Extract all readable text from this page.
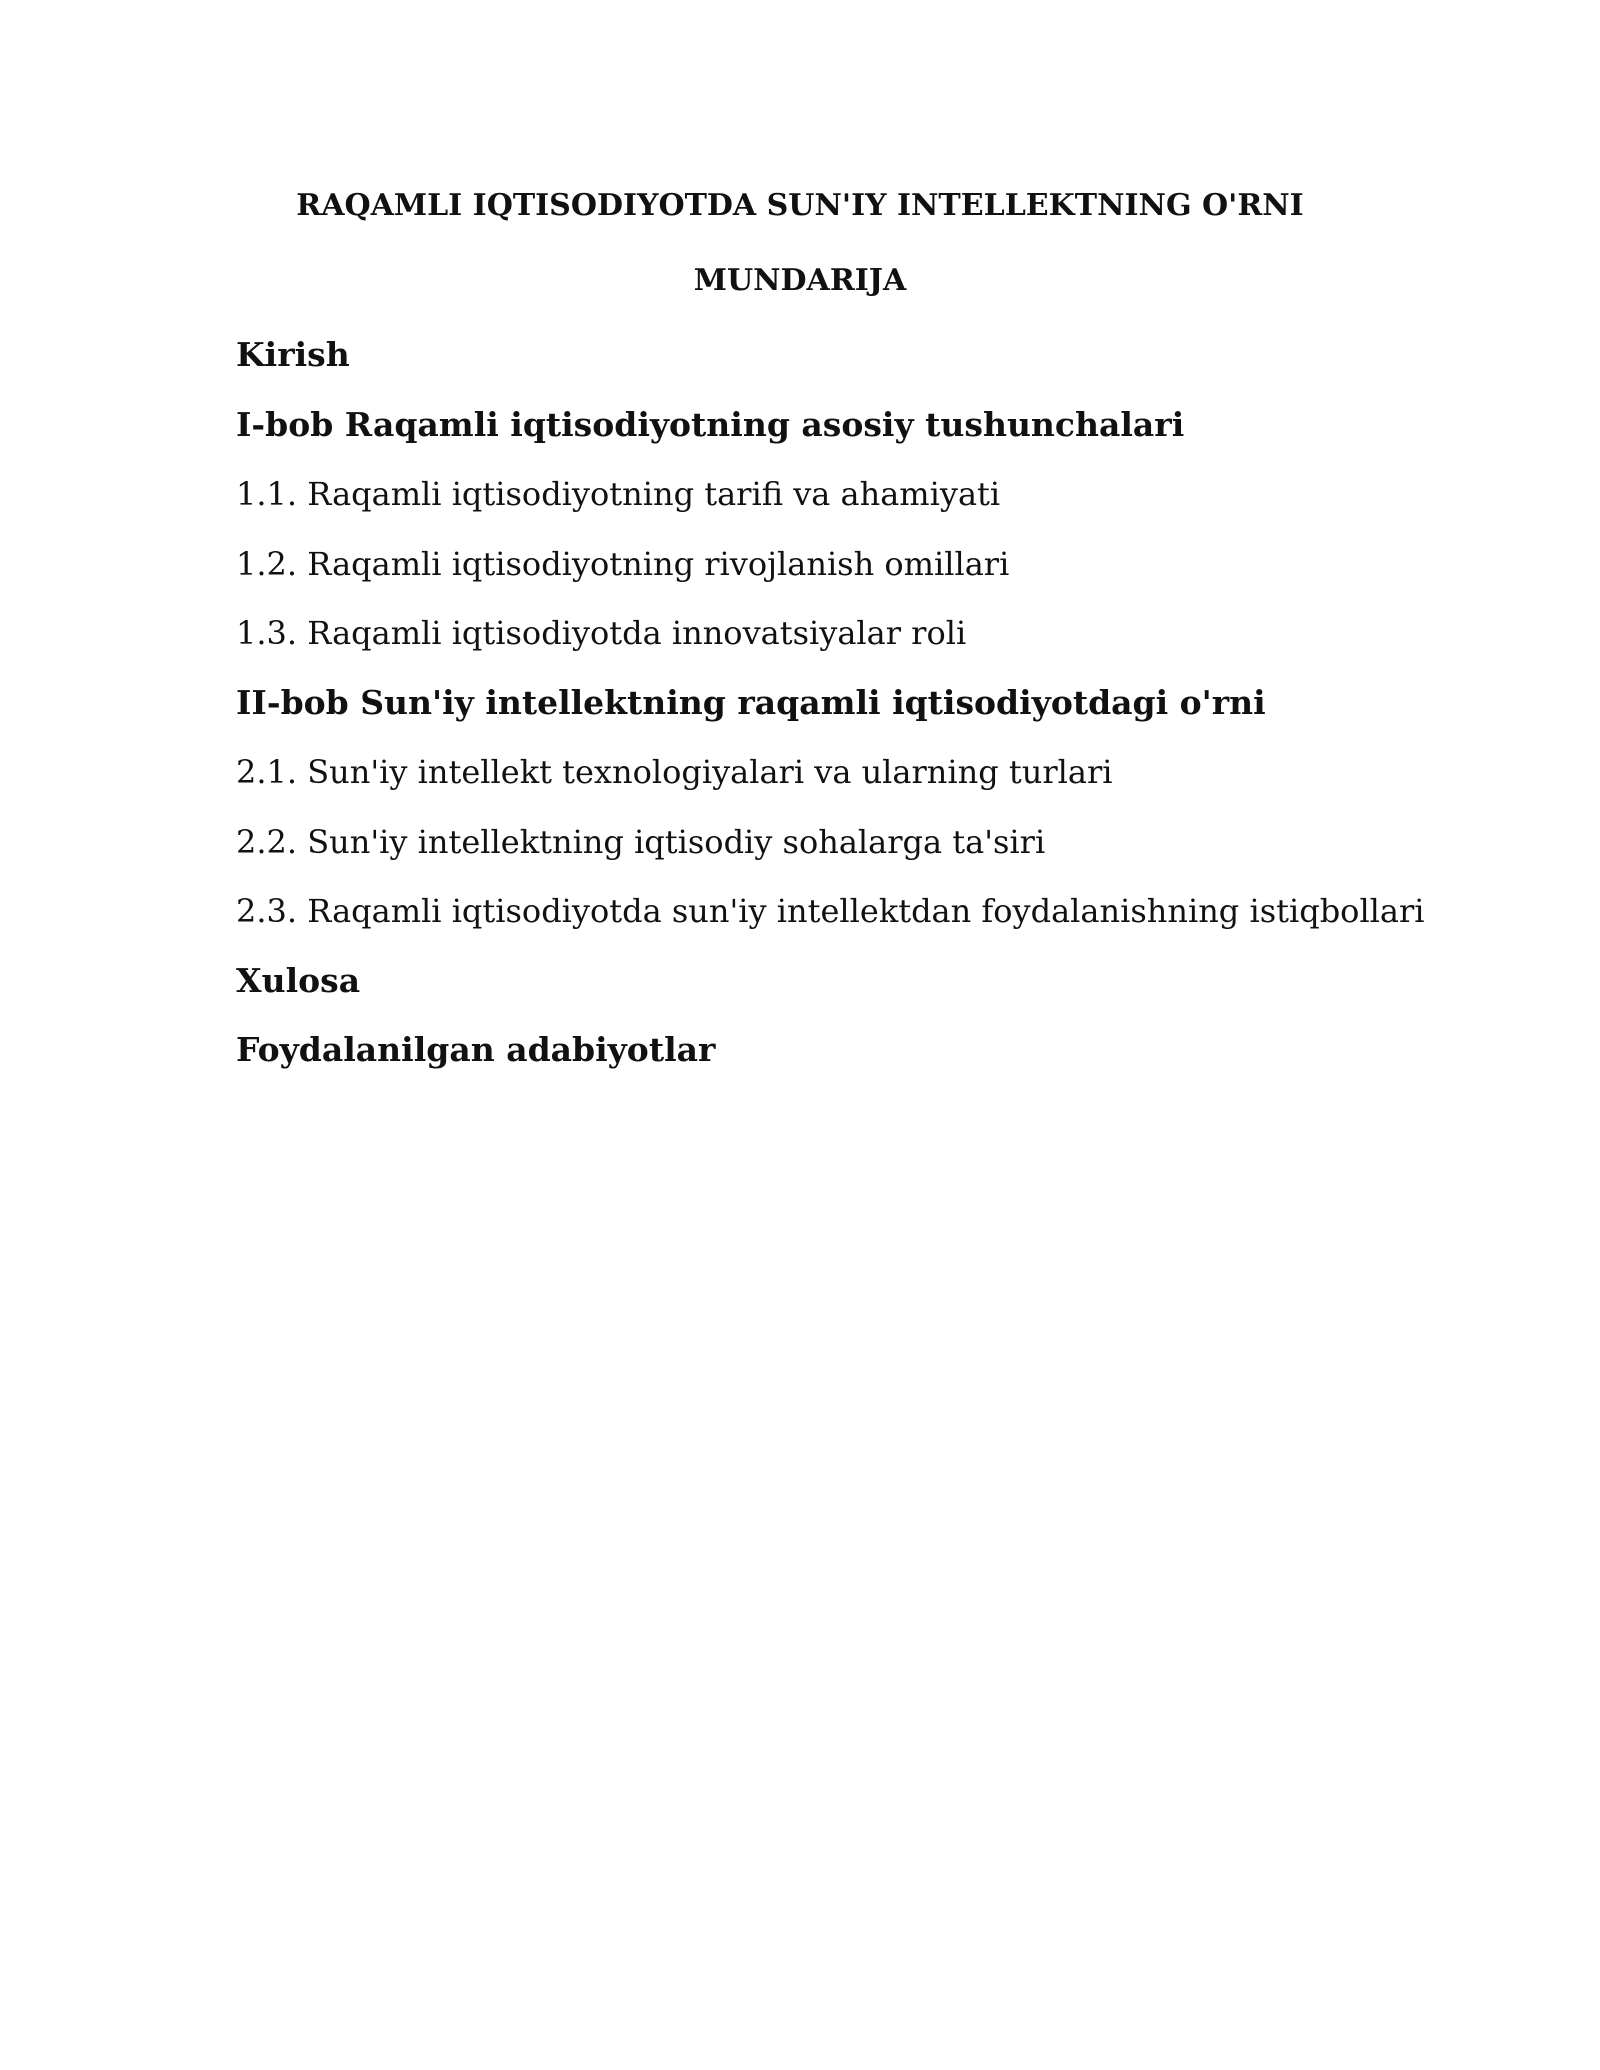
RAQAMLI IQTISODIYOTDA SUN'IY INTELLEKTNING O'RNI
MUNDARIJA
Kirish
I-bob Raqamli iqtisodiyotning asosiy tushunchalari
1.1. Raqamli iqtisodiyotning tarifi va ahamiyati
1.2. Raqamli iqtisodiyotning rivojlanish omillari
1.3. Raqamli iqtisodiyotda innovatsiyalar roli
II-bob Sun'iy intellektning raqamli iqtisodiyotdagi o'rni
2.1. Sun'iy intellekt texnologiyalari va ularning turlari
2.2. Sun'iy intellektning iqtisodiy sohalarga ta'siri
2.3. Raqamli iqtisodiyotda sun'iy intellektdan foydalanishning istiqbollari
Xulosa
Foydalanilgan adabiyotlar
